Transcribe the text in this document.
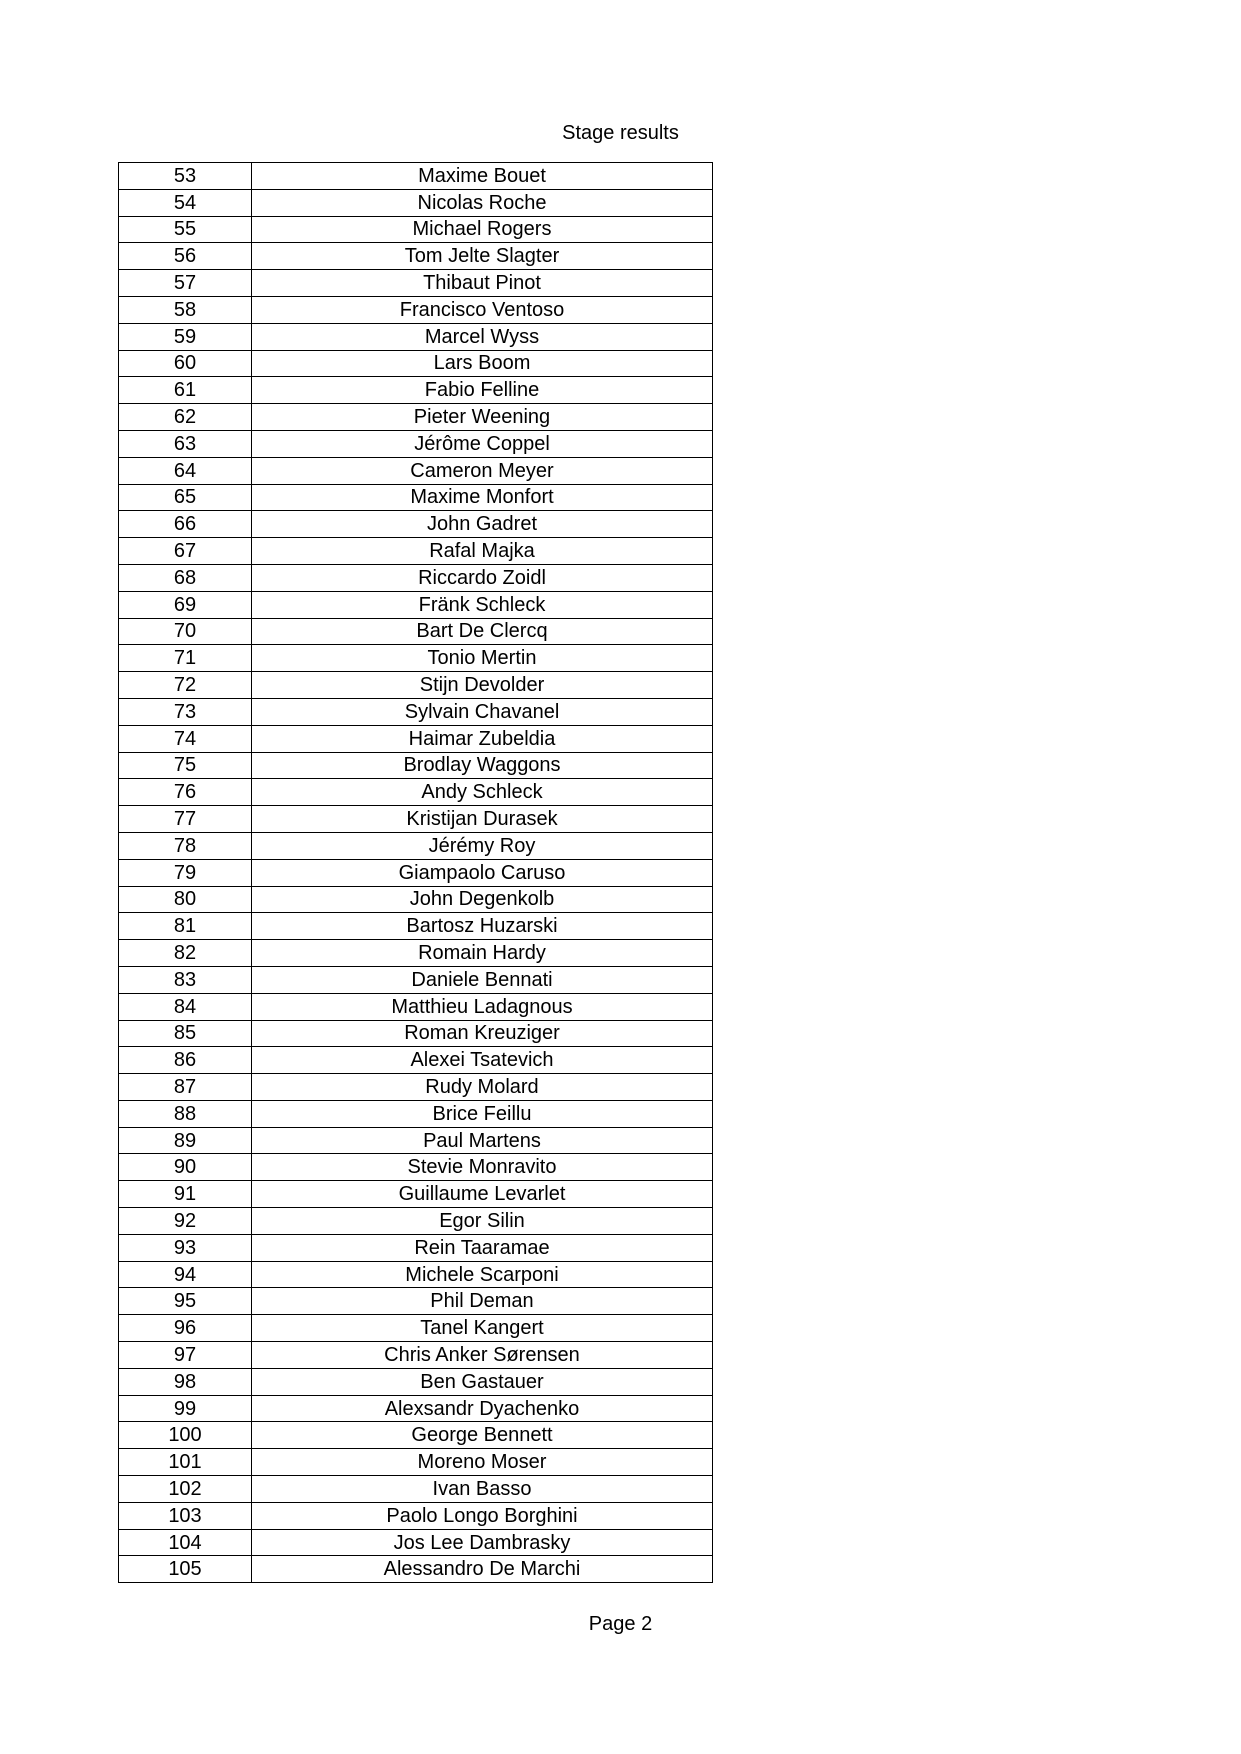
Stage results
53	Maxime Bouet
54	Nicolas Roche
55	Michael Rogers
56	Tom Jelte Slagter
57	Thibaut Pinot
58	Francisco Ventoso
59	Marcel Wyss
60	Lars Boom
61	Fabio Felline
62	Pieter Weening
63	Jérôme Coppel
64	Cameron Meyer
65	Maxime Monfort
66	John Gadret
67	Rafal Majka
68	Riccardo Zoidl
69	Fränk Schleck
70	Bart De Clercq
71	Tonio Mertin
72	Stijn Devolder
73	Sylvain Chavanel
74	Haimar Zubeldia
75	Brodlay Waggons
76	Andy Schleck
77	Kristijan Durasek
78	Jérémy Roy
79	Giampaolo Caruso
80	John Degenkolb
81	Bartosz Huzarski
82	Romain Hardy
83	Daniele Bennati
84	Matthieu Ladagnous
85	Roman Kreuziger
86	Alexei Tsatevich
87	Rudy Molard
88	Brice Feillu
89	Paul Martens
90	Stevie Monravito
91	Guillaume Levarlet
92	Egor Silin
93	Rein Taaramae
94	Michele Scarponi
95	Phil Deman
96	Tanel Kangert
97	Chris Anker Sørensen
98	Ben Gastauer
99	Alexsandr Dyachenko
100	George Bennett
101	Moreno Moser
102	Ivan Basso
103	Paolo Longo Borghini
104	Jos Lee Dambrasky
105	Alessandro De Marchi
Page 2
